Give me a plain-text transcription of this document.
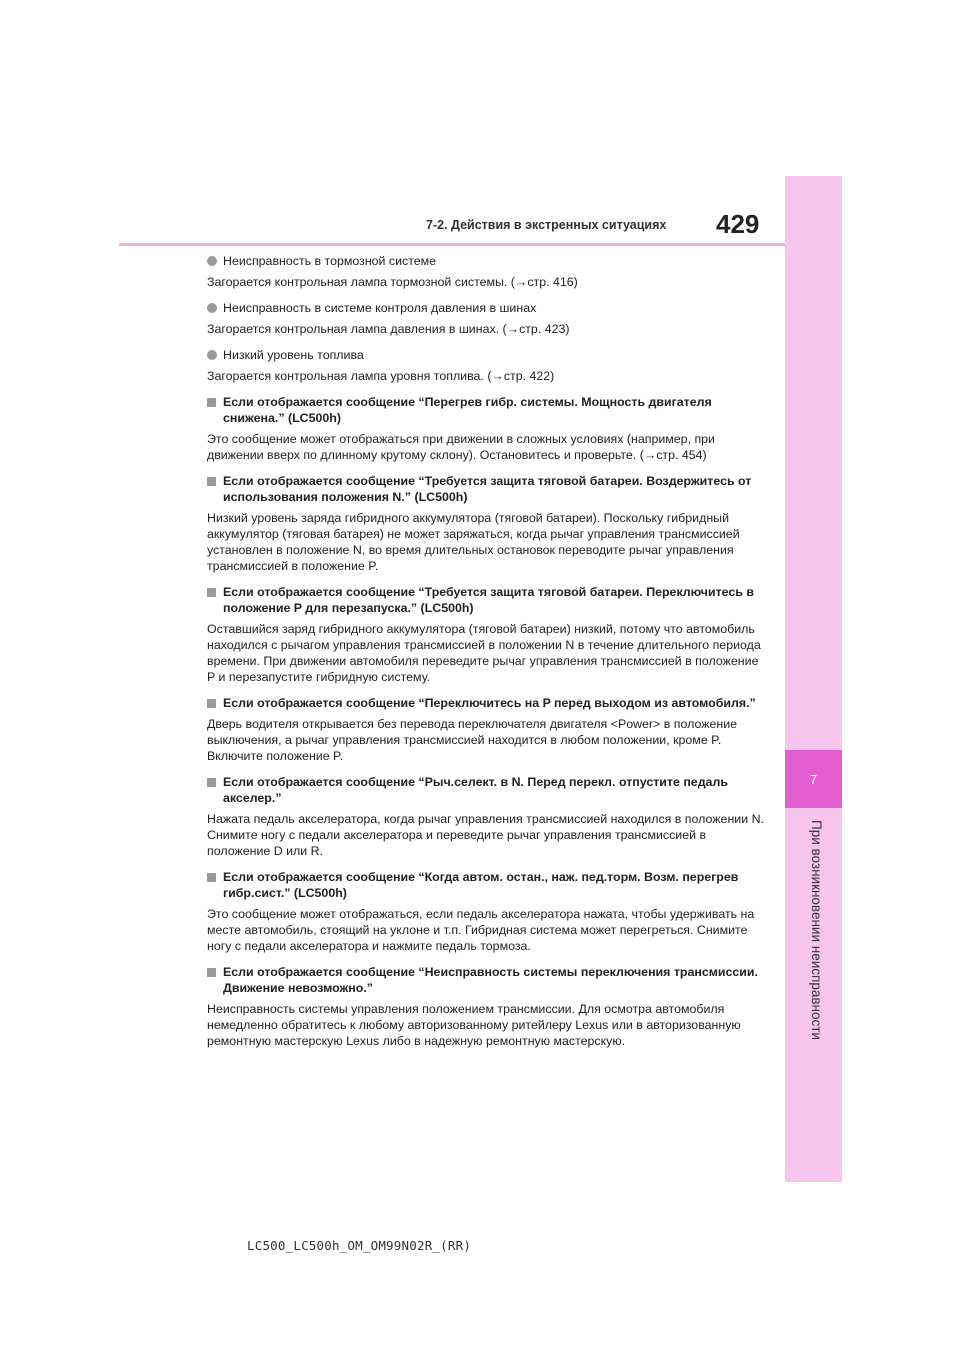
7
При возникновении неисправности
429
7-2. Действия в экстренных ситуациях
Неисправность в тормозной системе
Загорается контрольная лампа тормозной системы. (→стр. 416)
Неисправность в системе контроля давления в шинах
Загорается контрольная лампа давления в шинах. (→стр. 423)
Низкий уровень топлива
Загорается контрольная лампа уровня топлива. (→стр. 422)
Если отображается сообщение “Перегрев гибр. системы. Мощность двигателя снижена.” (LC500h)
Это сообщение может отображаться при движении в сложных условиях (например, при движении вверх по длинному крутому склону). Остановитесь и проверьте. (→стр. 454)
Если отображается сообщение “Требуется защита тяговой батареи. Воздержитесь от использования положения N.” (LC500h)
Низкий уровень заряда гибридного аккумулятора (тяговой батареи). Поскольку гибридный аккумулятор (тяговая батарея) не может заряжаться, когда рычаг управления трансмиссией установлен в положение N, во время длительных остановок переводите рычаг управления трансмиссией в положение P.
Если отображается сообщение “Требуется защита тяговой батареи. Переключитесь в положение P для перезапуска.” (LC500h)
Оставшийся заряд гибридного аккумулятора (тяговой батареи) низкий, потому что автомобиль находился с рычагом управления трансмиссией в положении N в течение длительного периода времени. При движении автомобиля переведите рычаг управления трансмиссией в положение P и перезапустите гибридную систему.
Если отображается сообщение “Переключитесь на P перед выходом из автомобиля.”
Дверь водителя открывается без перевода переключателя двигателя <Power> в положение выключения, а рычаг управления трансмиссией находится в любом положении, кроме P. Включите положение P.
Если отображается сообщение “Рыч.селект. в N. Перед перекл. отпустите педаль акселер.”
Нажата педаль акселератора, когда рычаг управления трансмиссией находился в положении N. Снимите ногу с педали акселератора и переведите рычаг управления трансмиссией в положение D или R.
Если отображается сообщение “Когда автом. остан., наж. пед.торм. Возм. перегрев гибр.сист.” (LC500h)
Это сообщение может отображаться, если педаль акселератора нажата, чтобы удерживать на месте автомобиль, стоящий на уклоне и т.п. Гибридная система может перегреться. Снимите ногу с педали акселератора и нажмите педаль тормоза.
Если отображается сообщение “Неисправность системы переключения трансмиссии. Движение невозможно.”
Неисправность системы управления положением трансмиссии. Для осмотра автомобиля немедленно обратитесь к любому авторизованному ритейлеру Lexus или в авторизованную ремонтную мастерскую Lexus либо в надежную ремонтную мастерскую.
LC500_LC500h_OM_OM99N02R_(RR)
